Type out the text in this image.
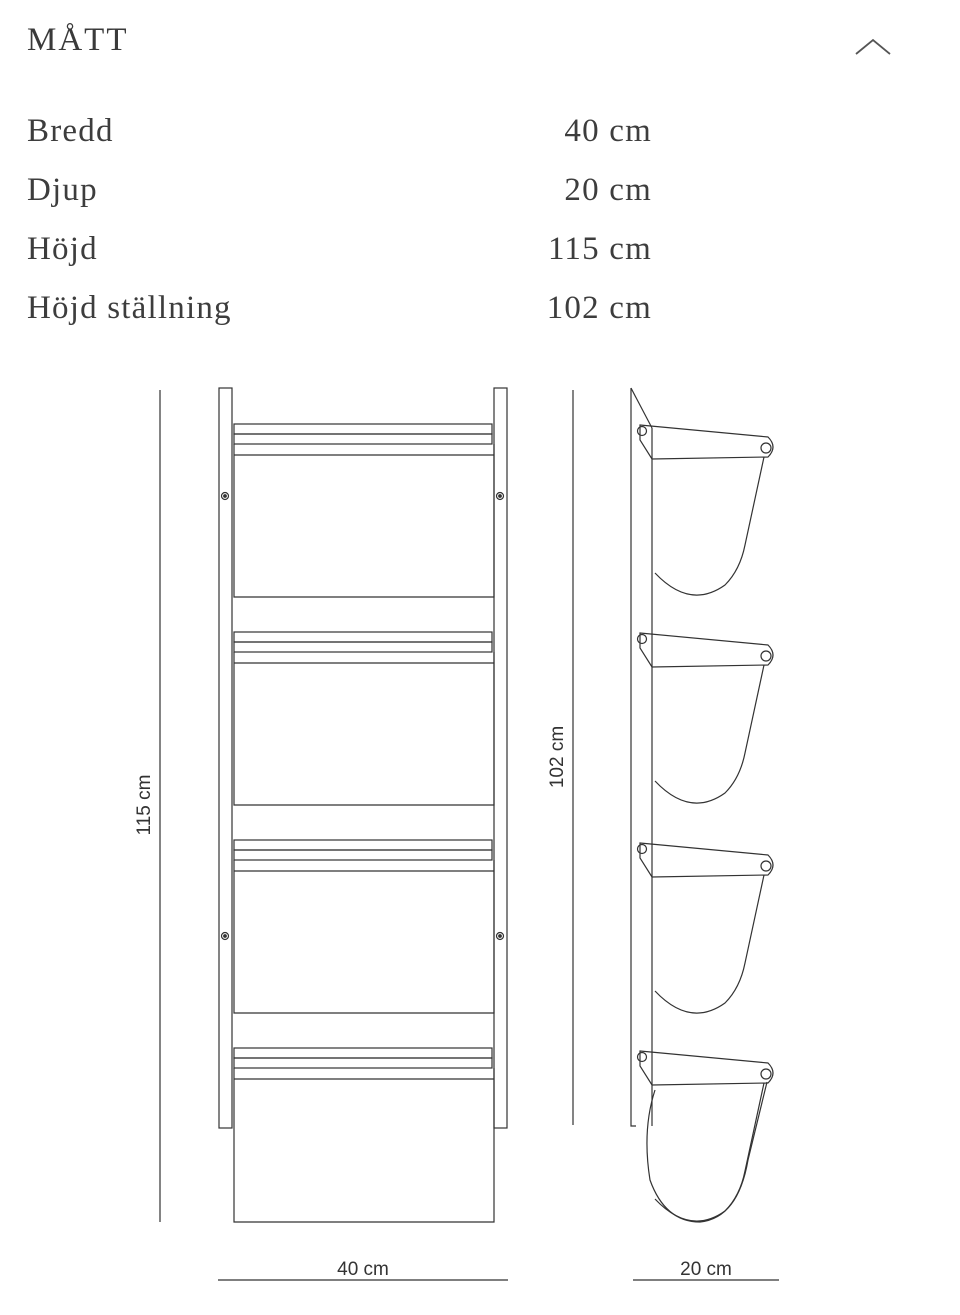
MÅTT
Bredd	40 cm
Djup	20 cm
Höjd	115 cm
Höjd ställning	102 cm
115 cm
102 cm
40 cm	20 cm
